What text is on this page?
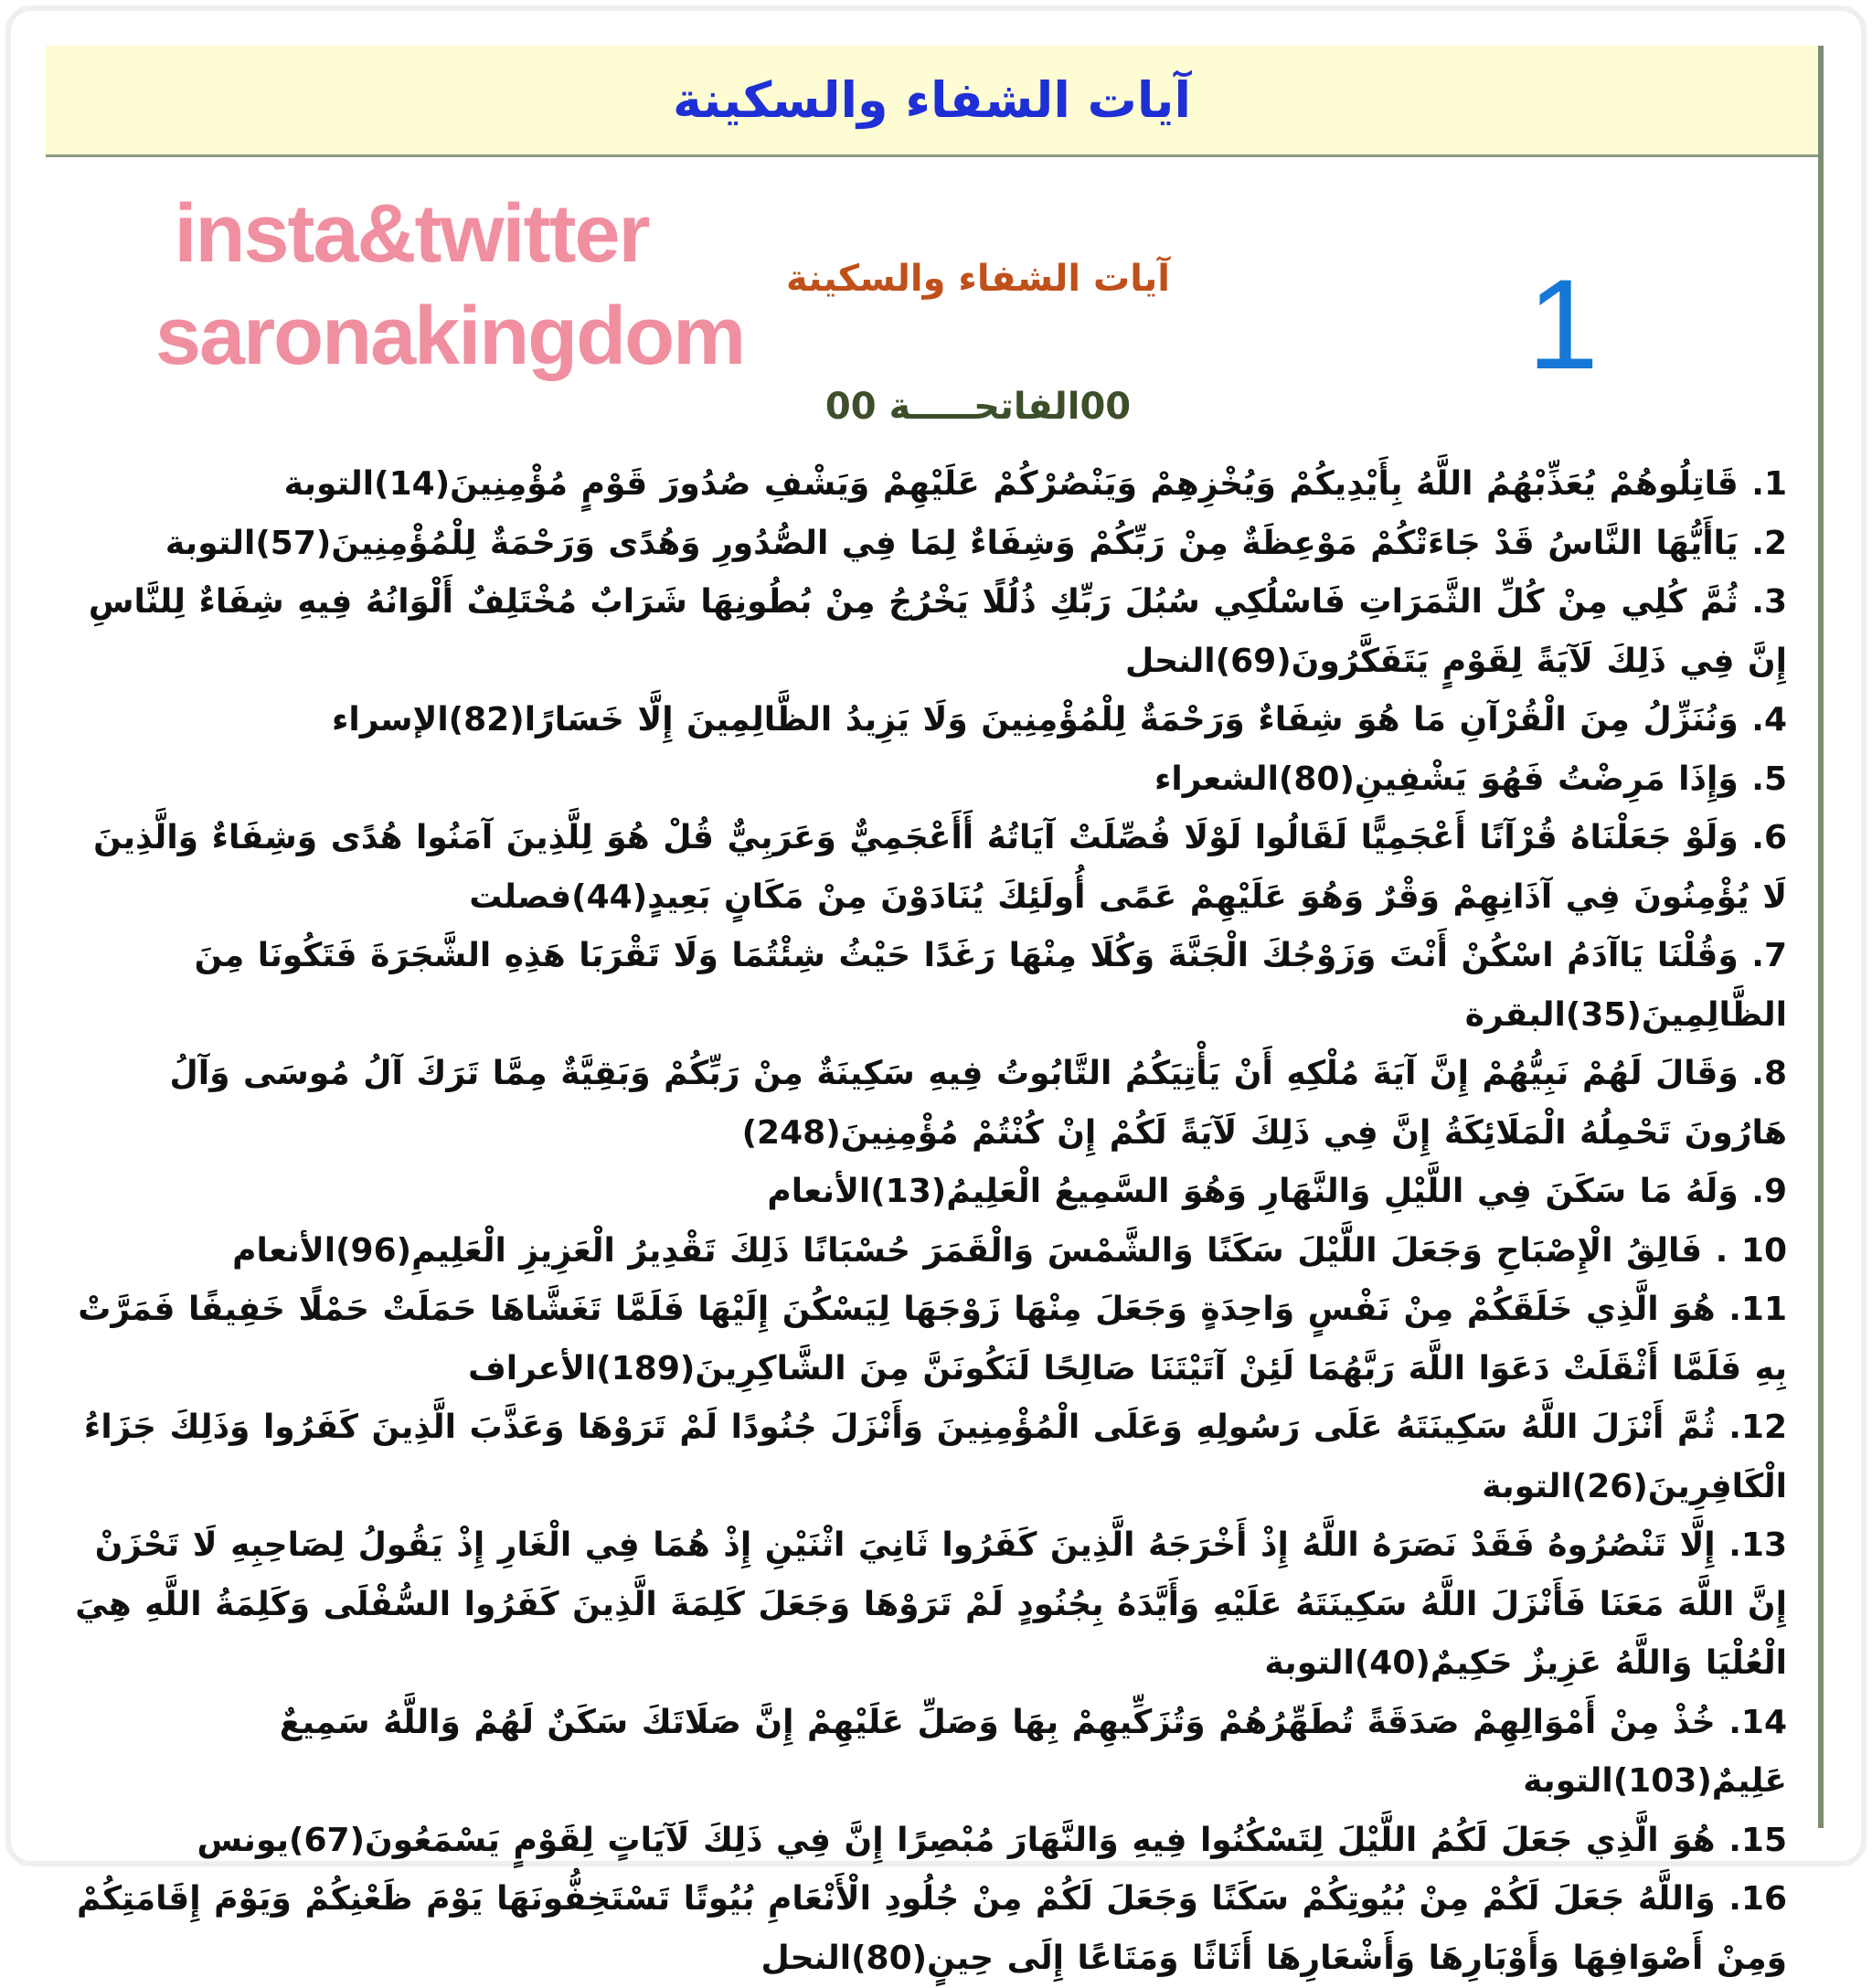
آيات الشفاء والسكينة
insta&twitter
saronakingdom
آيات الشفاء والسكينة
00الفاتحـــــة 00
1
1. قَاتِلُوهُمْ يُعَذِّبْهُمُ اللَّهُ بِأَيْدِيكُمْ وَيُخْزِهِمْ وَيَنْصُرْكُمْ عَلَيْهِمْ وَيَشْفِ صُدُورَ قَوْمٍ مُؤْمِنِينَ(14)التوبة
2. يَاأَيُّهَا النَّاسُ قَدْ جَاءَتْكُمْ مَوْعِظَةٌ مِنْ رَبِّكُمْ وَشِفَاءٌ لِمَا فِي الصُّدُورِ وَهُدًى وَرَحْمَةٌ لِلْمُؤْمِنِينَ(57)التوبة
3. ثُمَّ كُلِي مِنْ كُلِّ الثَّمَرَاتِ فَاسْلُكِي سُبُلَ رَبِّكِ ذُلُلًا يَخْرُجُ مِنْ بُطُونِهَا شَرَابٌ مُخْتَلِفٌ أَلْوَانُهُ فِيهِ شِفَاءٌ لِلنَّاسِ إِنَّ فِي ذَلِكَ لَآيَةً لِقَوْمٍ يَتَفَكَّرُونَ(69)النحل
4. وَنُنَزِّلُ مِنَ الْقُرْآنِ مَا هُوَ شِفَاءٌ وَرَحْمَةٌ لِلْمُؤْمِنِينَ وَلَا يَزِيدُ الظَّالِمِينَ إِلَّا خَسَارًا(82)الإسراء
5. وَإِذَا مَرِضْتُ فَهُوَ يَشْفِينِ(80)الشعراء
6. وَلَوْ جَعَلْنَاهُ قُرْآنًا أَعْجَمِيًّا لَقَالُوا لَوْلَا فُصِّلَتْ آيَاتُهُ أَأَعْجَمِيٌّ وَعَرَبِيٌّ قُلْ هُوَ لِلَّذِينَ آمَنُوا هُدًى وَشِفَاءٌ وَالَّذِينَ لَا يُؤْمِنُونَ فِي آذَانِهِمْ وَقْرٌ وَهُوَ عَلَيْهِمْ عَمًى أُولَئِكَ يُنَادَوْنَ مِنْ مَكَانٍ بَعِيدٍ(44)فصلت
7. وَقُلْنَا يَاآدَمُ اسْكُنْ أَنْتَ وَزَوْجُكَ الْجَنَّةَ وَكُلَا مِنْهَا رَغَدًا حَيْثُ شِئْتُمَا وَلَا تَقْرَبَا هَذِهِ الشَّجَرَةَ فَتَكُونَا مِنَ الظَّالِمِينَ(35)البقرة
8. وَقَالَ لَهُمْ نَبِيُّهُمْ إِنَّ آيَةَ مُلْكِهِ أَنْ يَأْتِيَكُمُ التَّابُوتُ فِيهِ سَكِينَةٌ مِنْ رَبِّكُمْ وَبَقِيَّةٌ مِمَّا تَرَكَ آلُ مُوسَى وَآلُ هَارُونَ تَحْمِلُهُ الْمَلَائِكَةُ إِنَّ فِي ذَلِكَ لَآيَةً لَكُمْ إِنْ كُنْتُمْ مُؤْمِنِينَ(248)
9. وَلَهُ مَا سَكَنَ فِي اللَّيْلِ وَالنَّهَارِ وَهُوَ السَّمِيعُ الْعَلِيمُ(13)الأنعام
10 . فَالِقُ الْإِصْبَاحِ وَجَعَلَ اللَّيْلَ سَكَنًا وَالشَّمْسَ وَالْقَمَرَ حُسْبَانًا ذَلِكَ تَقْدِيرُ الْعَزِيزِ الْعَلِيمِ(96)الأنعام
11. هُوَ الَّذِي خَلَقَكُمْ مِنْ نَفْسٍ وَاحِدَةٍ وَجَعَلَ مِنْهَا زَوْجَهَا لِيَسْكُنَ إِلَيْهَا فَلَمَّا تَغَشَّاهَا حَمَلَتْ حَمْلًا خَفِيفًا فَمَرَّتْ بِهِ فَلَمَّا أَثْقَلَتْ دَعَوَا اللَّهَ رَبَّهُمَا لَئِنْ آتَيْتَنَا صَالِحًا لَنَكُونَنَّ مِنَ الشَّاكِرِينَ(189)الأعراف
12. ثُمَّ أَنْزَلَ اللَّهُ سَكِينَتَهُ عَلَى رَسُولِهِ وَعَلَى الْمُؤْمِنِينَ وَأَنْزَلَ جُنُودًا لَمْ تَرَوْهَا وَعَذَّبَ الَّذِينَ كَفَرُوا وَذَلِكَ جَزَاءُ الْكَافِرِينَ(26)التوبة
13. إِلَّا تَنْصُرُوهُ فَقَدْ نَصَرَهُ اللَّهُ إِذْ أَخْرَجَهُ الَّذِينَ كَفَرُوا ثَانِيَ اثْنَيْنِ إِذْ هُمَا فِي الْغَارِ إِذْ يَقُولُ لِصَاحِبِهِ لَا تَحْزَنْ إِنَّ اللَّهَ مَعَنَا فَأَنْزَلَ اللَّهُ سَكِينَتَهُ عَلَيْهِ وَأَيَّدَهُ بِجُنُودٍ لَمْ تَرَوْهَا وَجَعَلَ كَلِمَةَ الَّذِينَ كَفَرُوا السُّفْلَى وَكَلِمَةُ اللَّهِ هِيَ الْعُلْيَا وَاللَّهُ عَزِيزٌ حَكِيمٌ(40)التوبة
14. خُذْ مِنْ أَمْوَالِهِمْ صَدَقَةً تُطَهِّرُهُمْ وَتُزَكِّيهِمْ بِهَا وَصَلِّ عَلَيْهِمْ إِنَّ صَلَاتَكَ سَكَنٌ لَهُمْ وَاللَّهُ سَمِيعٌ عَلِيمٌ(103)التوبة
15. هُوَ الَّذِي جَعَلَ لَكُمُ اللَّيْلَ لِتَسْكُنُوا فِيهِ وَالنَّهَارَ مُبْصِرًا إِنَّ فِي ذَلِكَ لَآيَاتٍ لِقَوْمٍ يَسْمَعُونَ(67)يونس
16. وَاللَّهُ جَعَلَ لَكُمْ مِنْ بُيُوتِكُمْ سَكَنًا وَجَعَلَ لَكُمْ مِنْ جُلُودِ الْأَنْعَامِ بُيُوتًا تَسْتَخِفُّونَهَا يَوْمَ ظَعْنِكُمْ وَيَوْمَ إِقَامَتِكُمْ وَمِنْ أَصْوَافِهَا وَأَوْبَارِهَا وَأَشْعَارِهَا أَثَاثًا وَمَتَاعًا إِلَى حِينٍ(80)النحل
